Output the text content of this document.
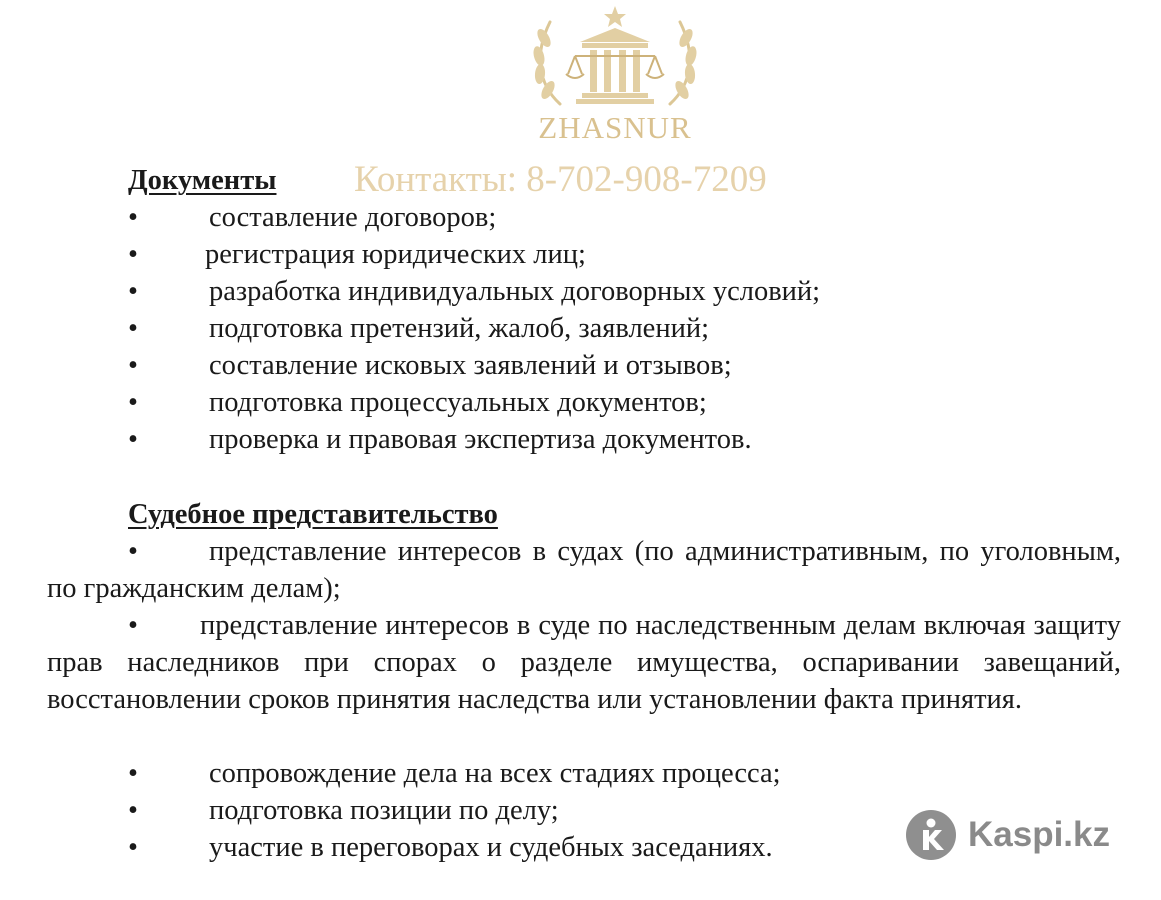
ZHASNUR
Контакты: 8-702-908-7209
Документы
• составление договоров;
• регистрация юридических лиц;
• разработка индивидуальных договорных условий;
• подготовка претензий, жалоб, заявлений;
• составление исковых заявлений и отзывов;
• подготовка процессуальных документов;
• проверка и правовая экспертиза документов.
Судебное представительство
• представление интересов в судах (по административным, по уголовным, по гражданским делам);
• представление интересов в суде по наследственным делам включая защиту прав наследников при спорах о разделе имущества, оспаривании завещаний, восстановлении сроков принятия наследства или установлении факта принятия.
• сопровождение дела на всех стадиях процесса;
• подготовка позиции по делу;
• участие в переговорах и судебных заседаниях.	Kaspi.kz
